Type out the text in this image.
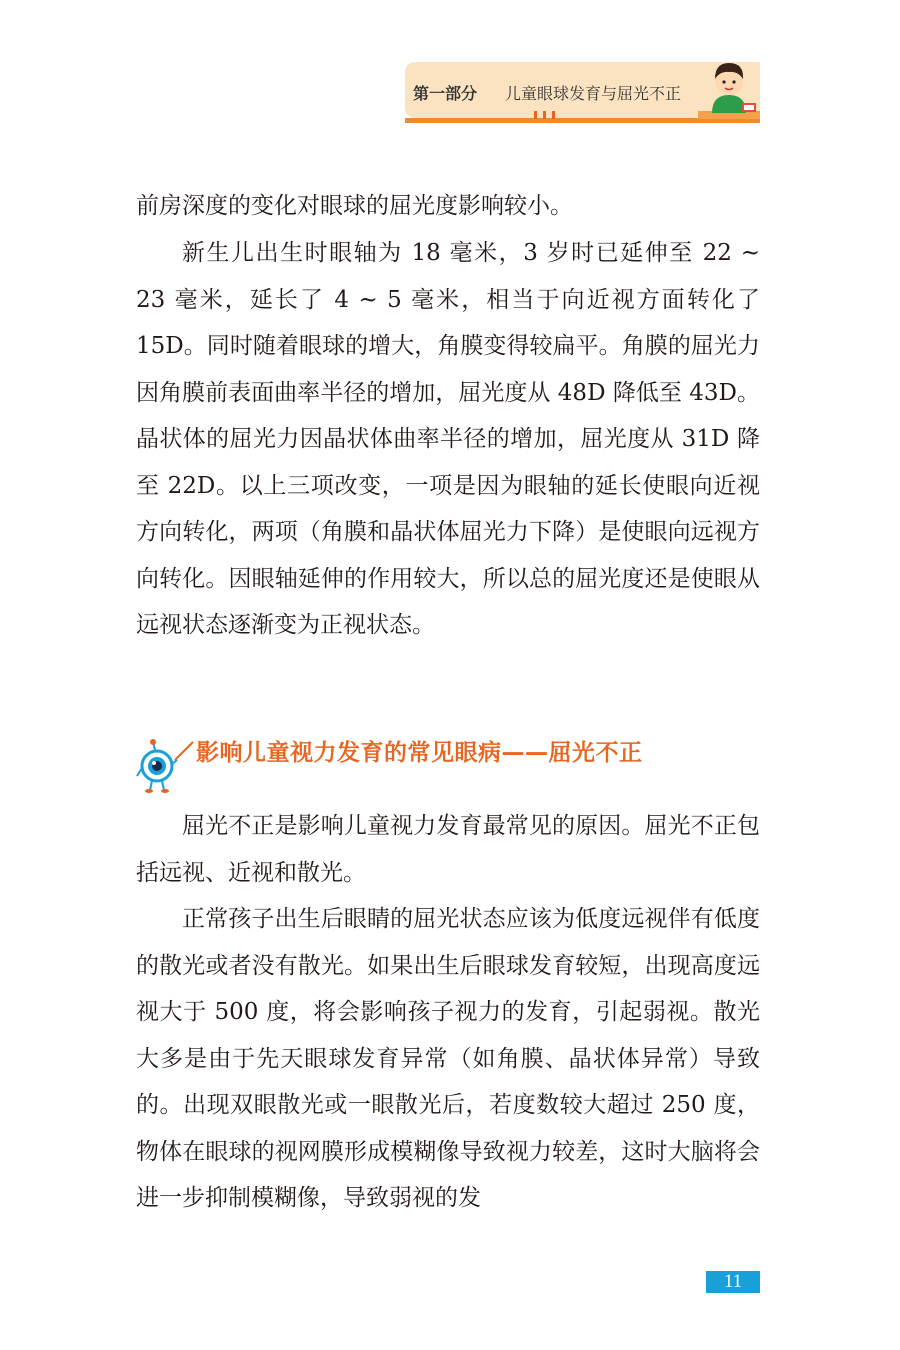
第一部分 儿童眼球发育与屈光不正

前房深度的变化对眼球的屈光度影响较小。

新生儿出生时眼轴为 18 毫米，3 岁时已延伸至 22 ~ 23 毫米，延长了 4 ~ 5 毫米，相当于向近视方面转化了 15D。同时随着眼球的增大，角膜变得较扁平。角膜的屈光力因角膜前表面曲率半径的增加，屈光度从 48D 降低至 43D。晶状体的屈光力因晶状体曲率半径的增加，屈光度从 31D 降至 22D。以上三项改变，一项是因为眼轴的延长使眼向近视方向转化，两项（角膜和晶状体屈光力下降）是使眼向远视方向转化。因眼轴延伸的作用较大，所以总的屈光度还是使眼从远视状态逐渐变为正视状态。

影响儿童视力发育的常见眼病——屈光不正

屈光不正是影响儿童视力发育最常见的原因。屈光不正包括远视、近视和散光。

正常孩子出生后眼睛的屈光状态应该为低度远视伴有低度的散光或者没有散光。如果出生后眼球发育较短，出现高度远视大于 500 度，将会影响孩子视力的发育，引起弱视。散光大多是由于先天眼球发育异常（如角膜、晶状体异常）导致的。出现双眼散光或一眼散光后，若度数较大超过 250 度，物体在眼球的视网膜形成模糊像导致视力较差，这时大脑将会进一步抑制模糊像，导致弱视的发

11
